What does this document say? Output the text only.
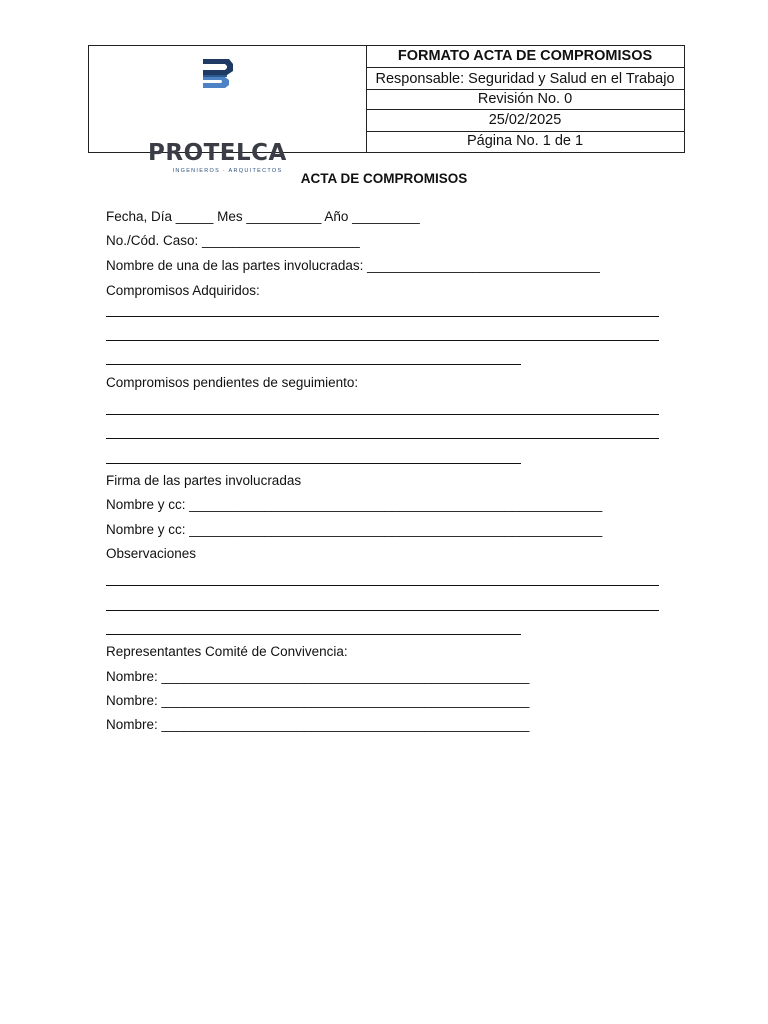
PROTELCA
INGENIEROS · ARQUITECTOS
FORMATO ACTA DE COMPROMISOS
Responsable: Seguridad y Salud en el Trabajo
Revisión No. 0
25/02/2025
Página No. 1 de 1
ACTA DE COMPROMISOS
Fecha, Día _____ Mes __________ Año _________
No./Cód. Caso: _____________________
Nombre de una de las partes involucradas: _______________________________
Compromisos Adquiridos:
Compromisos pendientes de seguimiento:
Firma de las partes involucradas
Nombre y cc: _______________________________________________________
Nombre y cc: _______________________________________________________
Observaciones
Representantes Comité de Convivencia:
Nombre: _________________________________________________
Nombre: _________________________________________________
Nombre: _________________________________________________
